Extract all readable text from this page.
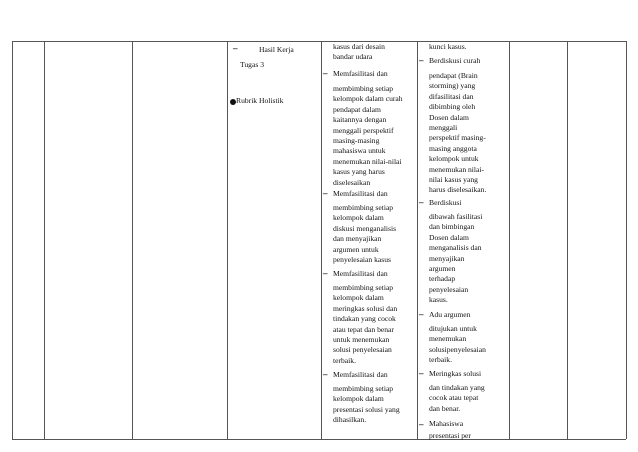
–	Hasil Kerja
Tugas 3
Rubrik Holistik
kasus dari desain
bandar udara
– Memfasilitasi dan
membimbing setiap
kelompok dalam curah
pendapat dalam
kaitannya dengan
menggali perspektif
masing-masing
mahasiswa untuk
menemukan nilai-nilai
kasus yang harus
diselesaikan
– Memfasilitasi dan
membimbing setiap
kelompok dalam
diskusi menganalisis
dan menyajikan
argumen untuk
penyelesaian kasus
– Memfasilitasi dan
membimbing setiap
kelompok dalam
meringkas solusi dan
tindakan yang cocok
atau tepat dan benar
untuk menemukan
solusi penyelesaian
terbaik.
– Memfasilitasi dan
membimbing setiap
kelompok dalam
presentasi solusi yang
dihasilkan.
kunci kasus.
– Berdiskusi curah
pendapat (Brain
storming) yang
difasilitasi dan
dibimbing oleh
Dosen dalam
menggali
perspektif masing-
masing anggota
kelompok untuk
menemukan nilai-
nilai kasus yang
harus diselesaikan.
– Berdiskusi
dibawah fasilitasi
dan bimbingan
Dosen dalam
menganalisis dan
menyajikan
argumen
terhadap
penyelesaian
kasus.
– Adu argumen
ditujukan untuk
menemukan
solusipenyelesaian
terbaik.
– Meringkas solusi
dan tindakan yang
cocok atau tepat
dan benar.
– Mahasiswa
presentasi per
